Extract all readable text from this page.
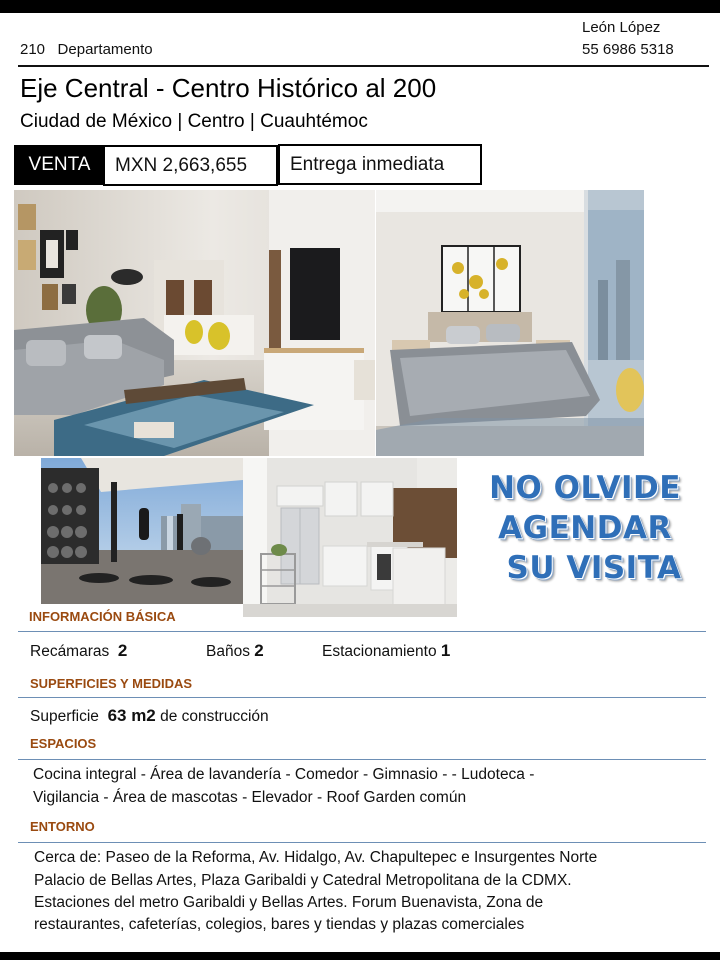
210 Departamento
León López
55 6986 5318
Eje Central - Centro Histórico al 200
Ciudad de México | Centro | Cuauhtémoc
VENTA	MXN 2,663,655	Entrega inmediata
NO OLVIDE
AGENDAR
SU VISITA
INFORMACIÓN BÁSICA
Recámaras 2	Baños 2	Estacionamiento 1
SUPERFICIES Y MEDIDAS
Superficie 63 m2 de construcción
ESPACIOS
Cocina integral - Área de lavandería - Comedor - Gimnasio - - Ludoteca -
Vigilancia - Área de mascotas - Elevador - Roof Garden común
ENTORNO
Cerca de: Paseo de la Reforma, Av. Hidalgo, Av. Chapultepec e Insurgentes Norte
Palacio de Bellas Artes, Plaza Garibaldi y Catedral Metropolitana de la CDMX.
Estaciones del metro Garibaldi y Bellas Artes. Forum Buenavista, Zona de
restaurantes, cafeterías, colegios, bares y tiendas y plazas comerciales
